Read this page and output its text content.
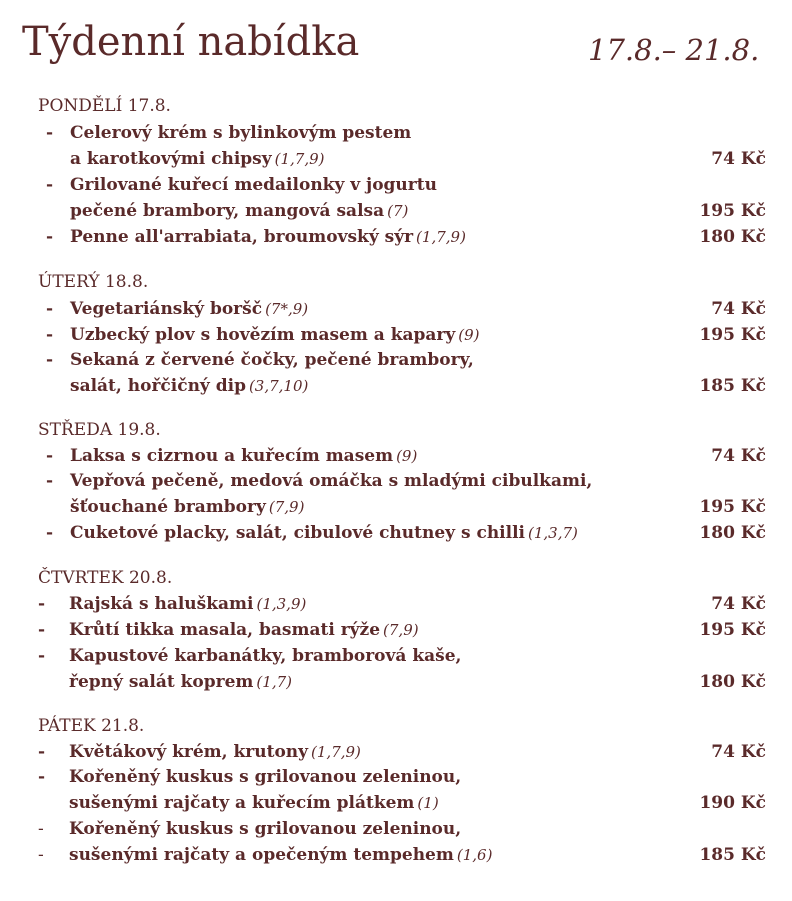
Týdenní nabídka	17.8.– 21.8.
PONDĚLÍ 17.8.
- Celerový krém s bylinkovým pestem
a karotkovými chipsy (1,7,9)	74 Kč
- Grilované kuřecí medailonky v jogurtu
pečené brambory, mangová salsa (7)	195 Kč
- Penne all'arrabiata, broumovský sýr (1,7,9)	180 Kč
ÚTERÝ 18.8.
- Vegetariánský boršč (7*,9)	74 Kč
- Uzbecký plov s hovězím masem a kapary (9)	195 Kč
- Sekaná z červené čočky, pečené brambory,
salát, hořčičný dip (3,7,10)	185 Kč
STŘEDA 19.8.
- Laksa s cizrnou a kuřecím masem (9)	74 Kč
- Vepřová pečeně, medová omáčka s mladými cibulkami,
šťouchané brambory (7,9)	195 Kč
- Cuketové placky, salát, cibulové chutney s chilli (1,3,7)	180 Kč
ČTVRTEK 20.8.
-	Rajská s haluškami (1,3,9)	74 Kč
-	Krůtí tikka masala, basmati rýže (7,9)	195 Kč
-	Kapustové karbanátky, bramborová kaše,
řepný salát koprem (1,7)	180 Kč
PÁTEK 21.8.
-	Květákový krém, krutony (1,7,9)	74 Kč
-	Kořeněný kuskus s grilovanou zeleninou,
sušenými rajčaty a kuřecím plátkem (1)	190 Kč
-	Kořeněný kuskus s grilovanou zeleninou,
-	sušenými rajčaty a opečeným tempehem (1,6)	185 Kč
